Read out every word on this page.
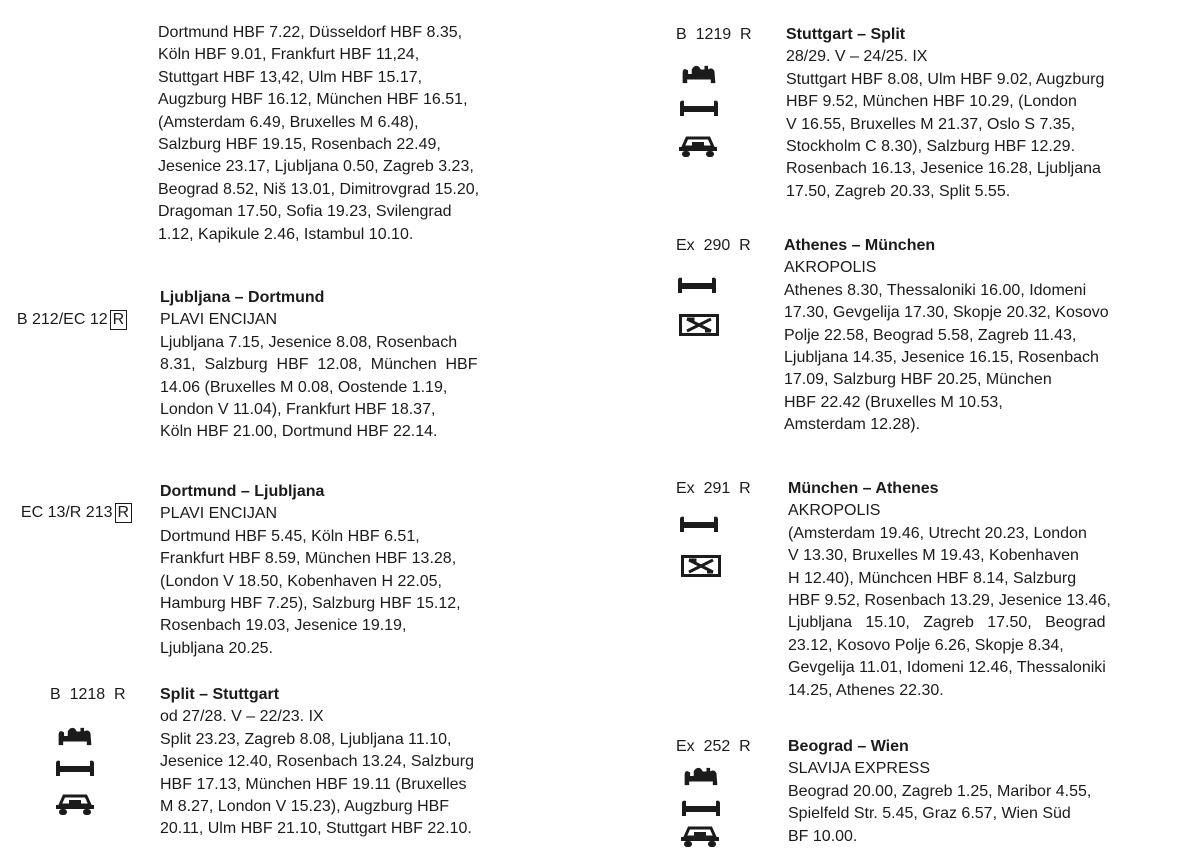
Dortmund HBF 7.22, Düsseldorf HBF 8.35,
Köln HBF 9.01, Frankfurt HBF 11,24,
Stuttgart HBF 13,42, Ulm HBF 15.17,
Augzburg HBF 16.12, München HBF 16.51,
(Amsterdam 6.49, Bruxelles M 6.48),
Salzburg HBF 19.15, Rosenbach 22.49,
Jesenice 23.17, Ljubljana 0.50, Zagreb 3.23,
Beograd 8.52, Niš 13.01, Dimitrovgrad 15.20,
Dragoman 17.50, Sofia 19.23, Svilengrad
1.12, Kapikule 2.46, Istambul 10.10.

B 212/EC 12 R

Ljubljana – Dortmund
PLAVI ENCIJAN
Ljubljana 7.15, Jesenice 8.08, Rosenbach
8.31,  Salzburg  HBF  12.08,  München  HBF
14.06 (Bruxelles M 0.08, Oostende 1.19,
London V 11.04), Frankfurt HBF 18.37,
Köln HBF 21.00, Dortmund HBF 22.14.

EC 13/R 213 R

Dortmund – Ljubljana
PLAVI ENCIJAN
Dortmund HBF 5.45, Köln HBF 6.51,
Frankfurt HBF 8.59, München HBF 13.28,
(London V 18.50, Kobenhaven H 22.05,
Hamburg HBF 7.25), Salzburg HBF 15.12,
Rosenbach 19.03, Jesenice 19.19,
Ljubljana 20.25.
B  1218  R Split – Stuttgart
od 27/28. V – 22/23. IX
Split 23.23, Zagreb 8.08, Ljubljana 11.10,
Jesenice 12.40, Rosenbach 13.24, Salzburg
HBF 17.13, München HBF 19.11 (Bruxelles
M 8.27, London V 15.23), Augzburg HBF
20.11, Ulm HBF 21.10, Stuttgart HBF 22.10.
B  1219  R Stuttgart – Split
28/29. V – 24/25. IX
Stuttgart HBF 8.08, Ulm HBF 9.02, Augzburg
HBF 9.52, München HBF 10.29, (London
V 16.55, Bruxelles M 21.37, Oslo S 7.35,
Stockholm C 8.30), Salzburg HBF 12.29.
Rosenbach 16.13, Jesenice 16.28, Ljubljana
17.50, Zagreb 20.33, Split 5.55.
Ex  290  R Athenes – München
AKROPOLIS
Athenes 8.30, Thessaloniki 16.00, Idomeni
17.30, Gevgelija 17.30, Skopje 20.32, Kosovo
Polje 22.58, Beograd 5.58, Zagreb 11.43,
Ljubljana 14.35, Jesenice 16.15, Rosenbach
17.09, Salzburg HBF 20.25, München
HBF 22.42 (Bruxelles M 10.53,
Amsterdam 12.28).
Ex  291  R München – Athenes
AKROPOLIS
(Amsterdam 19.46, Utrecht 20.23, London
V 13.30, Bruxelles M 19.43, Kobenhaven
H 12.40), Münchcen HBF 8.14, Salzburg
HBF 9.52, Rosenbach 13.29, Jesenice 13.46,
Ljubljana   15.10,   Zagreb   17.50,   Beograd
23.12, Kosovo Polje 6.26, Skopje 8.34,
Gevgelija 11.01, Idomeni 12.46, Thessaloniki
14.25, Athenes 22.30.
Ex  252  R Beograd – Wien
SLAVIJA EXPRESS
Beograd 20.00, Zagreb 1.25, Maribor 4.55,
Spielfeld Str. 5.45, Graz 6.57, Wien Süd
BF 10.00.
